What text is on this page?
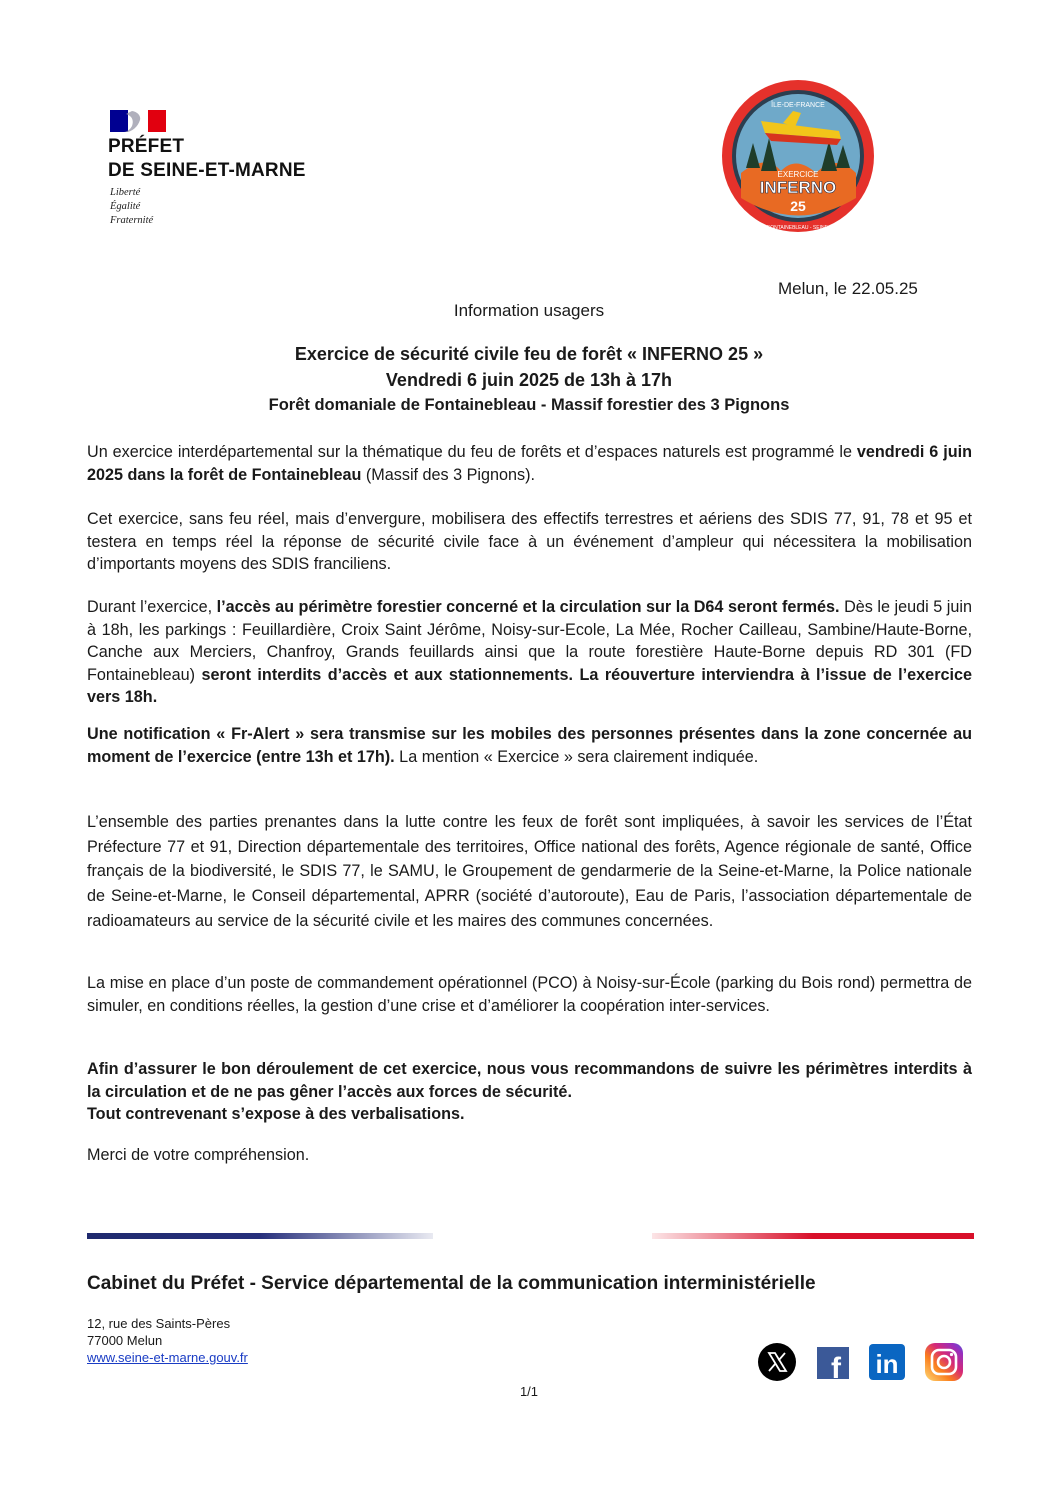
PRÉFET
DE SEINE-ET-MARNE
Liberté
Égalité
Fraternité
ÎLE-DE-FRANCE
EXERCICE
INFERNO
25
FORÊT DE FONTAINEBLEAU - SEINE-ET-MARNE
Melun, le 22.05.25
Information usagers
Exercice de sécurité civile feu de forêt « INFERNO 25 »
Vendredi 6 juin 2025 de 13h à 17h
Forêt domaniale de Fontainebleau - Massif forestier des 3 Pignons
Un exercice interdépartemental sur la thématique du feu de forêts et d’espaces naturels est programmé le vendredi 6 juin 2025 dans la forêt de Fontainebleau (Massif des 3 Pignons).
Cet exercice, sans feu réel, mais d’envergure, mobilisera des effectifs terrestres et aériens des SDIS 77, 91, 78 et 95 et testera en temps réel la réponse de sécurité civile face à un événement d’ampleur qui nécessitera la mobilisation d’importants moyens des SDIS franciliens.
Durant l’exercice, l’accès au périmètre forestier concerné et la circulation sur la D64 seront fermés. Dès le jeudi 5 juin à 18h, les parkings : Feuillardière, Croix Saint Jérôme, Noisy-sur-Ecole, La Mée, Rocher Cailleau, Sambine/Haute-Borne, Canche aux Merciers, Chanfroy, Grands feuillards ainsi que la route forestière Haute-Borne depuis RD 301 (FD Fontainebleau) seront interdits d’accès et aux stationnements. La réouverture interviendra à l’issue de l’exercice vers 18h.
Une notification « Fr-Alert » sera transmise sur les mobiles des personnes présentes dans la zone concernée au moment de l’exercice (entre 13h et 17h). La mention « Exercice » sera clairement indiquée.
L’ensemble des parties prenantes dans la lutte contre les feux de forêt sont impliquées, à savoir les services de l’État Préfecture 77 et 91, Direction départementale des territoires, Office national des forêts, Agence régionale de santé, Office français de la biodiversité, le SDIS 77, le SAMU, le Groupement de gendarmerie de la Seine-et-Marne, la Police nationale de Seine-et-Marne, le Conseil départemental, APRR (société d’autoroute), Eau de Paris, l’association départementale de radioamateurs au service de la sécurité civile et les maires des communes concernées.
La mise en place d’un poste de commandement opérationnel (PCO) à Noisy-sur-École (parking du Bois rond) permettra de simuler, en conditions réelles, la gestion d’une crise et d’améliorer la coopération inter-services.
Afin d’assurer le bon déroulement de cet exercice, nous vous recommandons de suivre les périmètres interdits à la circulation et de ne pas gêner l’accès aux forces de sécurité.
Tout contrevenant s’expose à des verbalisations.
Merci de votre compréhension.
Cabinet du Préfet - Service départemental de la communication interministérielle
12, rue des Saints-Pères
77000 Melun
www.seine-et-marne.gouv.fr
1/1
f in
